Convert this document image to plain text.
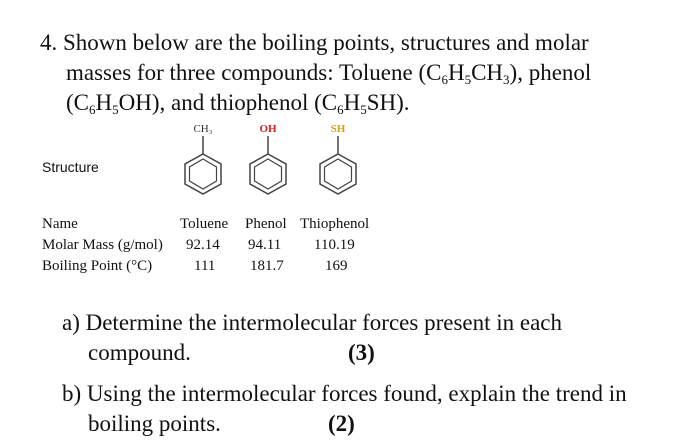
4. Shown below are the boiling points, structures and molar
masses for three compounds: Toluene $(C_6H_5CH_3)$, phenol
$(C_6H_5OH)$, and thiophenol $(C_6H_5SH)$.
Structure
CH₃	OH	SH
Name	Toluene Phenol Thiophenol
Molar Mass (g/mol) 92.14 94.11 110.19
Boiling Point (°C)	111 181.7	169
a) Determine the intermolecular forces present in each
compound.	(3)
b) Using the intermolecular forces found, explain the trend in
boiling points.	(2)
